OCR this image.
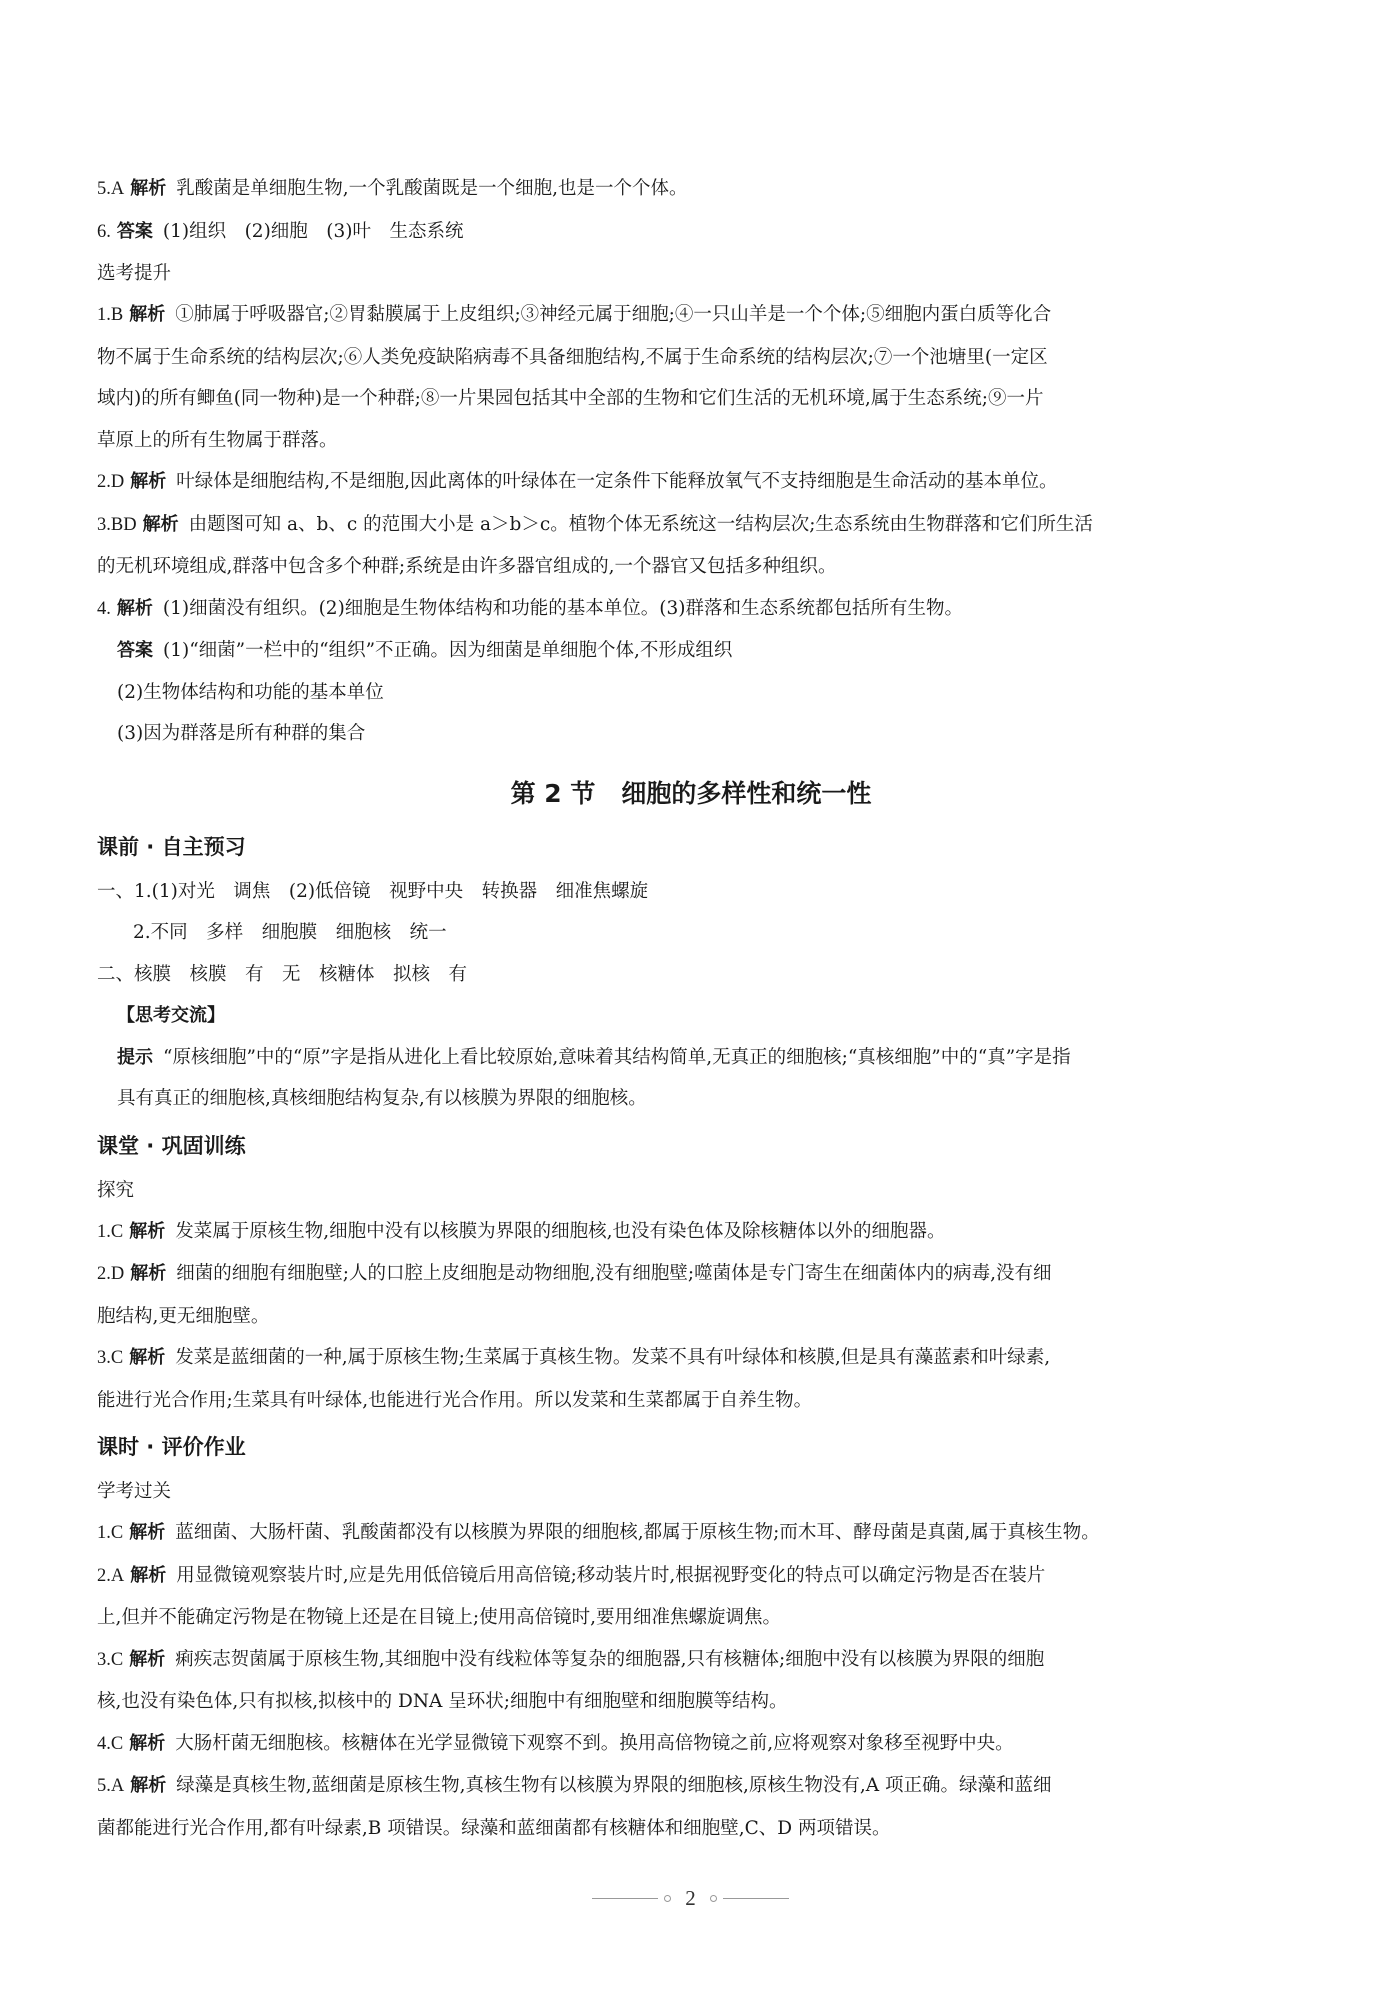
5.A 解析 乳酸菌是单细胞生物,一个乳酸菌既是一个细胞,也是一个个体。

6. 答案 (1)组织　(2)细胞　(3)叶　生态系统

选考提升

1.B 解析 ①肺属于呼吸器官;②胃黏膜属于上皮组织;③神经元属于细胞;④一只山羊是一个个体;⑤细胞内蛋白质等化合

物不属于生命系统的结构层次;⑥人类免疫缺陷病毒不具备细胞结构,不属于生命系统的结构层次;⑦一个池塘里(一定区

域内)的所有鲫鱼(同一物种)是一个种群;⑧一片果园包括其中全部的生物和它们生活的无机环境,属于生态系统;⑨一片

草原上的所有生物属于群落。

2.D 解析 叶绿体是细胞结构,不是细胞,因此离体的叶绿体在一定条件下能释放氧气不支持细胞是生命活动的基本单位。

3.BD 解析 由题图可知 a、b、c 的范围大小是 a＞b＞c。植物个体无系统这一结构层次;生态系统由生物群落和它们所生活

的无机环境组成,群落中包含多个种群;系统是由许多器官组成的,一个器官又包括多种组织。

4. 解析 (1)细菌没有组织。(2)细胞是生物体结构和功能的基本单位。(3)群落和生态系统都包括所有生物。

答案 (1)“细菌”一栏中的“组织”不正确。因为细菌是单细胞个体,不形成组织

(2)生物体结构和功能的基本单位

(3)因为群落是所有种群的集合

第 2 节 细胞的多样性和统一性

课前 · 自主预习

一、1.(1)对光　调焦　(2)低倍镜　视野中央　转换器　细准焦螺旋

2.不同　多样　细胞膜　细胞核　统一

二、核膜　核膜　有　无　核糖体　拟核　有

【思考交流】

提示 “原核细胞”中的“原”字是指从进化上看比较原始,意味着其结构简单,无真正的细胞核;“真核细胞”中的“真”字是指

具有真正的细胞核,真核细胞结构复杂,有以核膜为界限的细胞核。

课堂 · 巩固训练

探究

1.C 解析 发菜属于原核生物,细胞中没有以核膜为界限的细胞核,也没有染色体及除核糖体以外的细胞器。

2.D 解析 细菌的细胞有细胞壁;人的口腔上皮细胞是动物细胞,没有细胞壁;噬菌体是专门寄生在细菌体内的病毒,没有细

胞结构,更无细胞壁。

3.C 解析 发菜是蓝细菌的一种,属于原核生物;生菜属于真核生物。发菜不具有叶绿体和核膜,但是具有藻蓝素和叶绿素,

能进行光合作用;生菜具有叶绿体,也能进行光合作用。所以发菜和生菜都属于自养生物。

课时 · 评价作业

学考过关

1.C 解析 蓝细菌、大肠杆菌、乳酸菌都没有以核膜为界限的细胞核,都属于原核生物;而木耳、酵母菌是真菌,属于真核生物。

2.A 解析 用显微镜观察装片时,应是先用低倍镜后用高倍镜;移动装片时,根据视野变化的特点可以确定污物是否在装片

上,但并不能确定污物是在物镜上还是在目镜上;使用高倍镜时,要用细准焦螺旋调焦。

3.C 解析 痢疾志贺菌属于原核生物,其细胞中没有线粒体等复杂的细胞器,只有核糖体;细胞中没有以核膜为界限的细胞

核,也没有染色体,只有拟核,拟核中的 DNA 呈环状;细胞中有细胞壁和细胞膜等结构。

4.C 解析 大肠杆菌无细胞核。核糖体在光学显微镜下观察不到。换用高倍物镜之前,应将观察对象移至视野中央。

5.A 解析 绿藻是真核生物,蓝细菌是原核生物,真核生物有以核膜为界限的细胞核,原核生物没有,A 项正确。绿藻和蓝细

菌都能进行光合作用,都有叶绿素,B 项错误。绿藻和蓝细菌都有核糖体和细胞壁,C、D 两项错误。

2
